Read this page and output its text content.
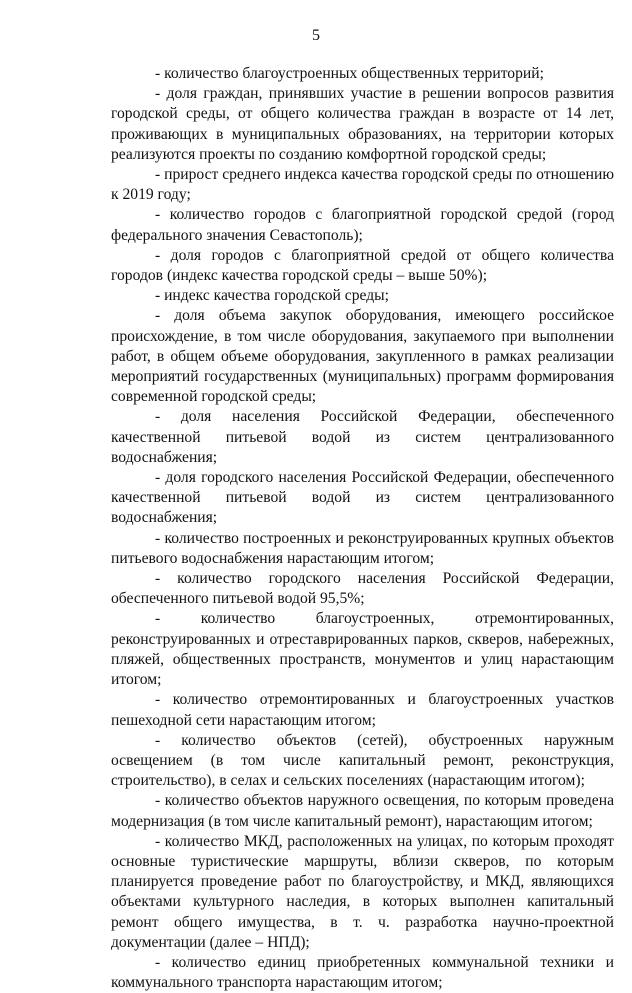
5

- количество благоустроенных общественных территорий;

- доля граждан, принявших участие в решении вопросов развития городской среды, от общего количества граждан в возрасте от 14 лет, проживающих в муниципальных образованиях, на территории которых реализуются проекты по созданию комфортной городской среды;

- прирост среднего индекса качества городской среды по отношению к 2019 году;

- количество городов с благоприятной городской средой (город федерального значения Севастополь);

- доля городов с благоприятной средой от общего количества городов (индекс качества городской среды – выше 50%);

- индекс качества городской среды;

- доля объема закупок оборудования, имеющего российское происхождение, в том числе оборудования, закупаемого при выполнении работ, в общем объеме оборудования, закупленного в рамках реализации мероприятий государственных (муниципальных) программ формирования современной городской среды;

- доля населения Российской Федерации, обеспеченного качественной питьевой водой из систем централизованного водоснабжения;

- доля городского населения Российской Федерации, обеспеченного качественной питьевой водой из систем централизованного водоснабжения;

- количество построенных и реконструированных крупных объектов питьевого водоснабжения нарастающим итогом;

- количество городского населения Российской Федерации, обеспеченного питьевой водой 95,5%;

- количество благоустроенных, отремонтированных, реконструированных и отреставрированных парков, скверов, набережных, пляжей, общественных пространств, монументов и улиц нарастающим итогом;

- количество отремонтированных и благоустроенных участков пешеходной сети нарастающим итогом;

- количество объектов (сетей), обустроенных наружным освещением (в том числе капитальный ремонт, реконструкция, строительство), в селах и сельских поселениях (нарастающим итогом);

- количество объектов наружного освещения, по которым проведена модернизация (в том числе капитальный ремонт), нарастающим итогом;

- количество МКД, расположенных на улицах, по которым проходят основные туристические маршруты, вблизи скверов, по которым планируется проведение работ по благоустройству, и МКД, являющихся объектами культурного наследия, в которых выполнен капитальный ремонт общего имущества, в т. ч. разработка научно-проектной документации (далее – НПД);

- количество единиц приобретенных коммунальной техники и коммунального транспорта нарастающим итогом;
